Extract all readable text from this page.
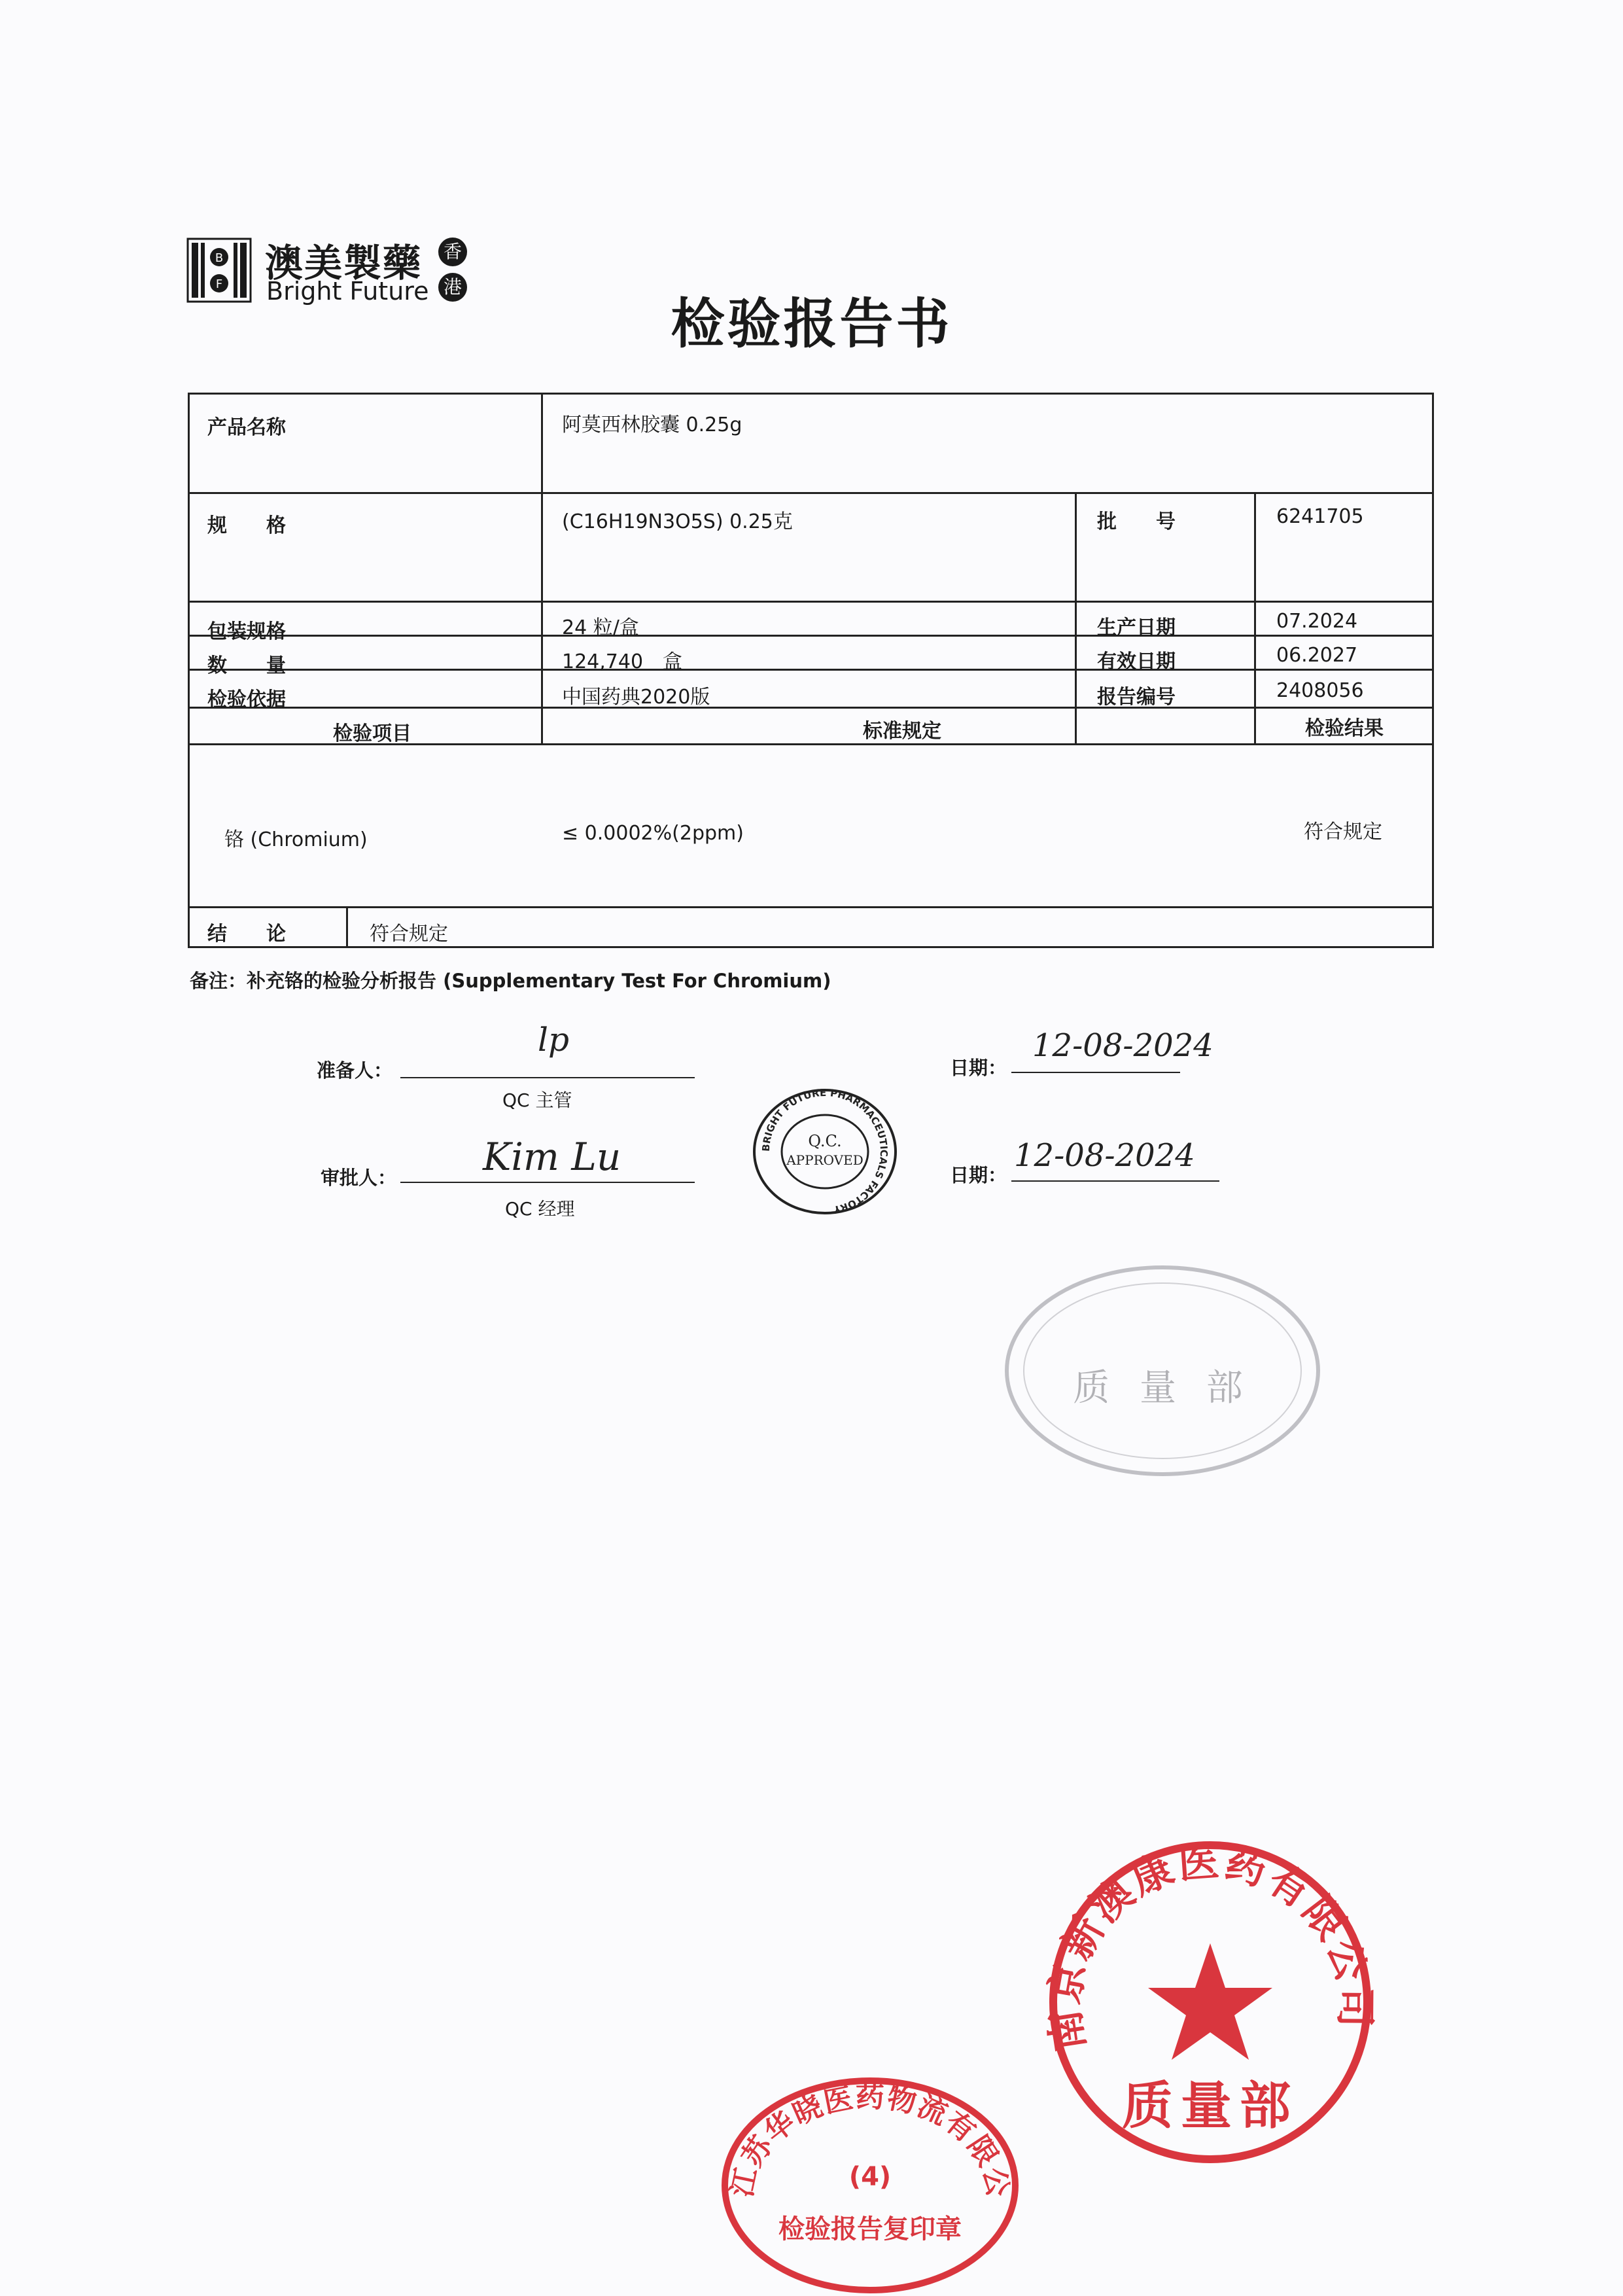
B
F 澳美製藥
Bright Future
香
港
检验报告书
产品名称	阿莫西林胶囊 0.25g
规　　格	(C16H19N3O5S) 0.25克	批　　号	6241705
包装规格	24 粒/盒	生产日期	07.2024
数　　量	124,740　盒	有效日期	06.2027
检验依据	中国药典2020版	报告编号	2408056
检验项目	标准规定	检验结果
铬 (Chromium)	≤ 0.0002%(2ppm)	符合规定
结　　论	符合规定
备注：补充铬的检验分析报告 (Supplementary Test For Chromium)
准备人：
lp
QC 主管
日期：
12-08-2024
审批人： Kim Lu
QC 经理
日期：
12-08-2024
BRIGHT FUTURE PHARMACEUTICALS FACTORY
Q.C.
APPROVED
质 量 部
南京新澳康医药有限公司
质量部
江苏华晓医药物流有限公司
(4)
检验报告复印章
